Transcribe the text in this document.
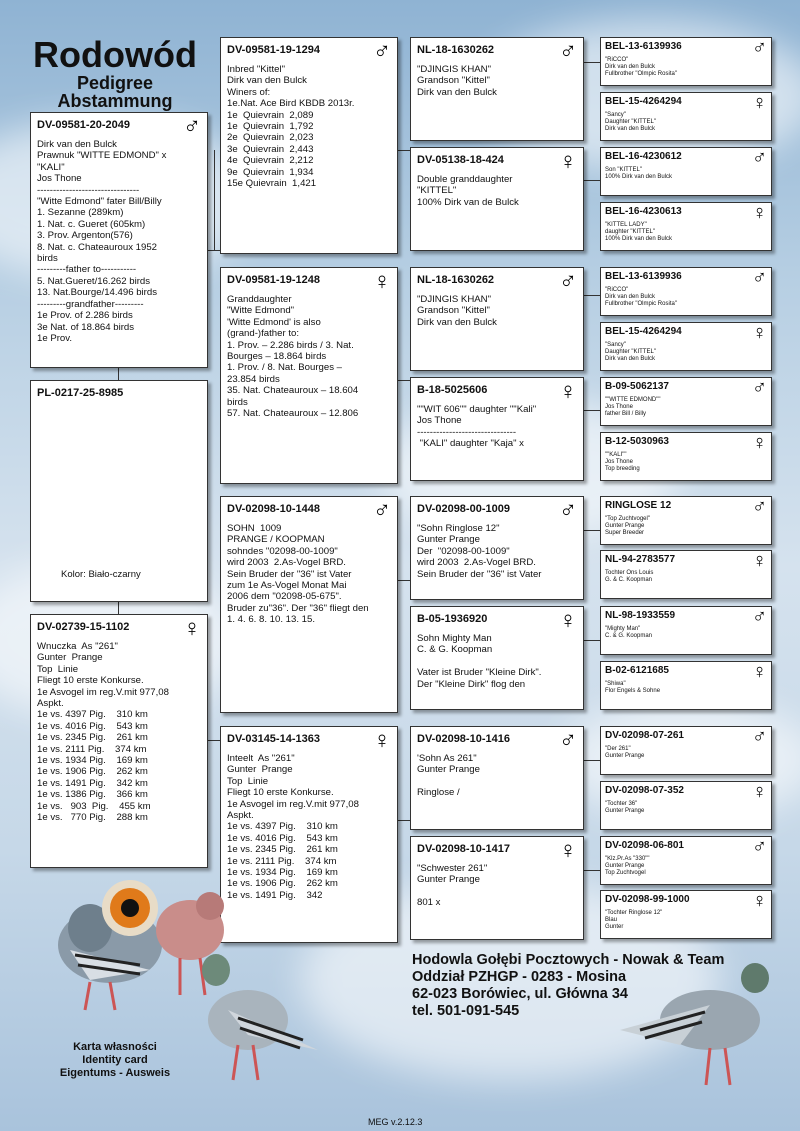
Rodowód
Pedigree
Abstammung
DV-09581-20-2049 ♂
Dirk van den Bulck
Prawnuk "WITTE EDMOND" x
"KALI"
Jos Thone
--------------------------------
"Witte Edmond" fater Bill/Billy
1. Sezanne (289km)
1. Nat. c. Gueret (605km)
3. Prov. Argenton(576)
8. Nat. c. Chateauroux 1952
birds
---------father to-----------
5. Nat.Gueret/16.262 birds
13. Nat.Bourge/14.496 birds
---------grandfather---------
1e Prov. of 2.286 birds
3e Nat. of 18.864 birds
1e Prov.
PL-0217-25-8985
Kolor: Biało-czarny
DV-02739-15-1102 ♀
Wnuczka  As "261"
Gunter  Prange
Top  Linie
Fliegt 10 erste Konkurse.
1e Asvogel im reg.V.mit 977,08
Aspkt.
1e vs. 4397 Pig.    310 km
1e vs. 4016 Pig.    543 km
1e vs. 2345 Pig.    261 km
1e vs. 2111 Pig.    374 km
1e vs. 1934 Pig.    169 km
1e vs. 1906 Pig.    262 km
1e vs. 1491 Pig.    342 km
1e vs. 1386 Pig.    366 km
1e vs.   903  Pig.    455 km
1e vs.   770 Pig.    288 km
DV-09581-19-1294 ♂
Inbred "Kittel"
Dirk van den Bulck
Winers of:
1e.Nat. Ace Bird KBDB 2013r.
1e  Quievrain  2,089
1e  Quievrain  1,792
2e  Quievrain  2,023
3e  Quievrain  2,443
4e  Quievrain  2,212
9e  Quievrain  1,934
15e Quievrain  1,421
DV-09581-19-1248 ♀
Granddaughter
"Witte Edmond"
'Witte Edmond' is also
(grand-)father to:
1. Prov. – 2.286 birds / 3. Nat.
Bourges – 18.864 birds
1. Prov. / 8. Nat. Bourges –
23.854 birds
35. Nat. Chateauroux – 18.604
birds
57. Nat. Chateauroux – 12.806
DV-02098-10-1448 ♂
SOHN  1009
PRANGE / KOOPMAN
sohndes "02098-00-1009"
wird 2003  2.As-Vogel BRD.
Sein Bruder der "36" ist Vater
zum 1e As-Vogel Monat Mai
2006 dem "02098-05-675".
Bruder zu"36". Der "36" fliegt den
1. 4. 6. 8. 10. 13. 15.
DV-03145-14-1363 ♀
Inteelt  As "261"
Gunter  Prange
Top  Linie
Fliegt 10 erste Konkurse.
1e Asvogel im reg.V.mit 977,08
Aspkt.
1e vs. 4397 Pig.    310 km
1e vs. 4016 Pig.    543 km
1e vs. 2345 Pig.    261 km
1e vs. 2111 Pig.    374 km
1e vs. 1934 Pig.    169 km
1e vs. 1906 Pig.    262 km
1e vs. 1491 Pig.    342
NL-18-1630262	♂
"DJINGIS KHAN"
Grandson "Kittel"
Dirk van den Bulck
DV-05138-18-424 ♀
Double granddaughter
"KITTEL"
100% Dirk van de Bulck
NL-18-1630262	♂
"DJINGIS KHAN"
Grandson "Kittel"
Dirk van den Bulck
B-18-5025606	♀
""WIT 606"" daughter ""Kali"
Jos Thone
-------------------------------
"KALI" daughter "Kaja" x
DV-02098-00-1009 ♂
"Sohn Ringlose 12"
Gunter Prange
Der  "02098-00-1009"
wird 2003  2.As-Vogel BRD.
Sein Bruder der "36" ist Vater
B-05-1936920	♀
Sohn Mighty Man
C. & G. Koopman

Vater ist Bruder "Kleine Dirk".
Der "Kleine Dirk" flog den
DV-02098-10-1416 ♂
'Sohn As 261"
Gunter Prange

Ringlose /
DV-02098-10-1417 ♀
"Schwester 261"
Gunter Prange

801 x
BEL-13-6139936	♂
"RiCCO"
Dirk van den Bulck
Fullbrother "Olmpic Rosita"
BEL-15-4264294	♀
"Sancy"
Daughter "KITTEL"
Dirk van den Bulck
BEL-16-4230612	♂
Son "KITTEL"
100% Dirk van den Bulck
BEL-16-4230613	♀
"KITTEL LADY"
daughter "KITTEL"
100% Dirk van den Bulck
BEL-13-6139936	♂
"RiCCO"
Dirk van den Bulck
Fullbrother "Olmpic Rosita"
BEL-15-4264294	♀
"Sancy"
Daughter "KITTEL"
Dirk van den Bulck
B-09-5062137	♂
""WITTE EDMOND""
Jos Thone
father Bill / Billy
B-12-5030963	♀
""KALI""
Jos Thone
Top breeding
RINGLOSE 12	♂
"Top Zuchtvogel"
Gunter Prange
Super Breeder
NL-94-2783577	♀
Tochter Ons Louis
G. & C. Koopman
NL-98-1933559	♂
"Mighty Man"
C. & G. Koopman
B-02-6121685	♀
"Shiwa"
Flor Engels & Sohne
DV-02098-07-261	♂
"Der 261"
Gunter Prange
DV-02098-07-352	♀
"Tochter 36"
Gunter Prange
DV-02098-06-801	♂
"Klz.Pr.As "330""
Gunter Prange
Top Zuchtvogel
DV-02098-99-1000	♀
"Tochter Ringlose 12"
Blau
Gunter
Hodowla Gołębi Pocztowych - Nowak & Team
Oddział PZHGP - 0283 - Mosina
62-023 Borówiec, ul. Główna 34
tel. 501-091-545
Karta własności
Identity card
Eigentums - Ausweis
MEG v.2.12.3
